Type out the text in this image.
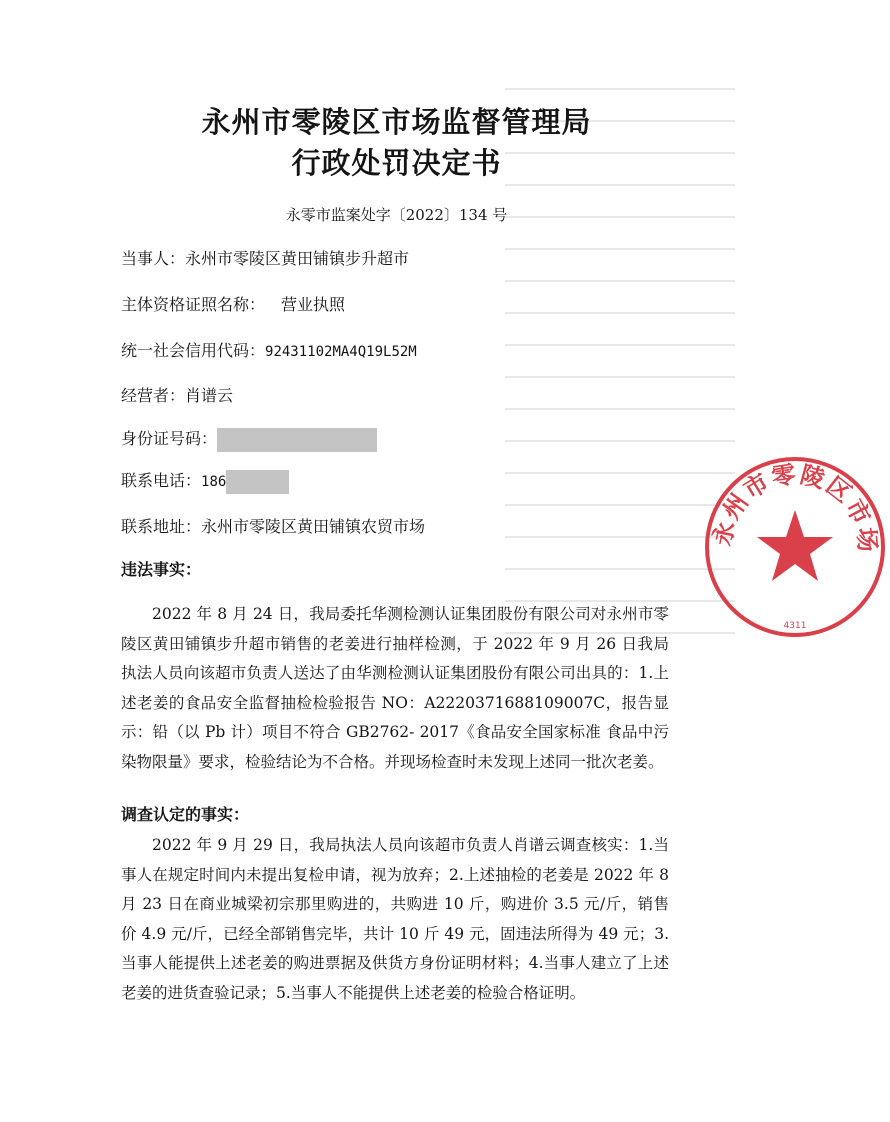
永州市零陵区市场监督管理局
行政处罚决定书
永零市监案处字〔2022〕134 号
当事人：永州市零陵区黄田铺镇步升超市
主体资格证照名称： 营业执照
统一社会信用代码：92431102MA4Q19L52M
经营者：肖谱云
身份证号码：
联系电话：186
联系地址：永州市零陵区黄田铺镇农贸市场
违法事实：
2022 年 8 月 24 日，我局委托华测检测认证集团股份有限公司对永州市零陵区黄田铺镇步升超市销售的老姜进行抽样检测，于 2022 年 9 月 26 日我局执法人员向该超市负责人送达了由华测检测认证集团股份有限公司出具的：1.上述老姜的食品安全监督抽检检验报告 NO：A2220371688109007C，报告显示：铅（以 Pb 计）项目不符合 GB2762- 2017《食品安全国家标准 食品中污染物限量》要求，检验结论为不合格。并现场检查时未发现上述同一批次老姜。
调查认定的事实：
2022 年 9 月 29 日，我局执法人员向该超市负责人肖谱云调查核实：1.当事人在规定时间内未提出复检申请，视为放弃；2.上述抽检的老姜是 2022 年 8 月 23 日在商业城梁初宗那里购进的，共购进 10 斤，购进价 3.5 元/斤，销售价 4.9 元/斤，已经全部销售完毕，共计 10 斤 49 元，固违法所得为 49 元；3.当事人能提供上述老姜的购进票据及供货方身份证明材料；4.当事人建立了上述老姜的进货查验记录；5.当事人不能提供上述老姜的检验合格证明。
永州市零陵区市场
4311
